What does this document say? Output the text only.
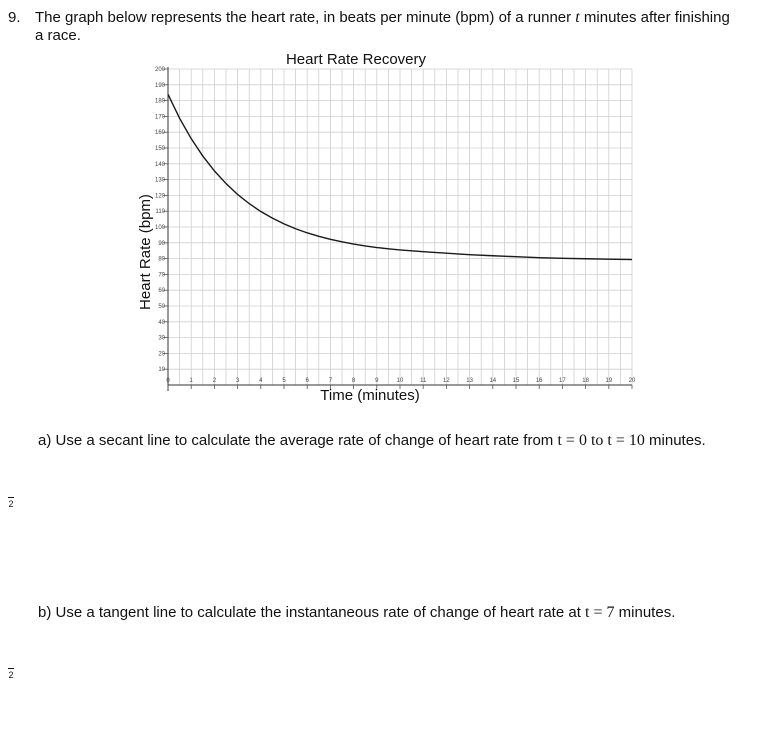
9. The graph below represents the heart rate, in beats per minute (bpm) of a runner t minutes after finishing a race.
Heart Rate Recovery
10
20
30
40
50
60
70
80
90
100
110
120
130
140
150
160
170
180
190
200
0	1	2	3	4	5	6	7	8	9	10	11	12	13	14	15	16	17	18	19	20
Time (minutes)
Heart Rate (bpm)
a) Use a secant line to calculate the average rate of change of heart rate from t = 0 to t = 10 minutes.
2
b) Use a tangent line to calculate the instantaneous rate of change of heart rate at t = 7 minutes.
2
